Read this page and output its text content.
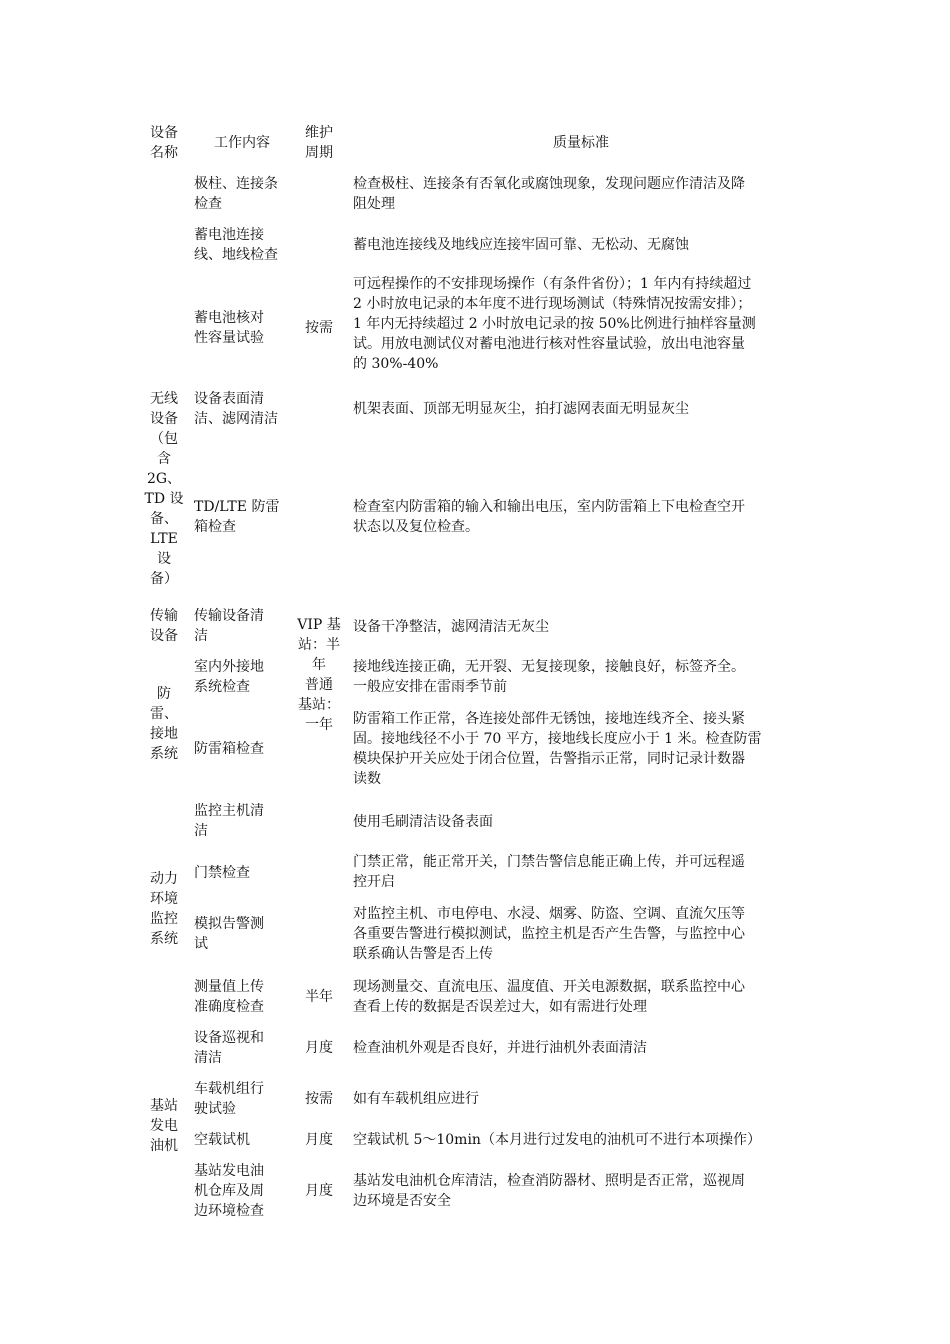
设备
名称
工作内容
维护
周期
质量标准
无线
设备
（包
含
2G、
TD 设
备、
LTE
设
备）
传输
设备
防
雷、
接地
系统
动力
环境
监控
系统
基站
发电
油机
按需
VIP 基
站：半
年
普通
基站：
一年
半年
月度
按需
月度
月度
极柱、连接条
检查
检查极柱、连接条有否氧化或腐蚀现象，发现问题应作清洁及降
阻处理
蓄电池连接
线、地线检查
蓄电池连接线及地线应连接牢固可靠、无松动、无腐蚀
蓄电池核对
性容量试验
可远程操作的不安排现场操作（有条件省份）；1 年内有持续超过
2 小时放电记录的本年度不进行现场测试（特殊情况按需安排）；
1 年内无持续超过 2 小时放电记录的按 50%比例进行抽样容量测
试。用放电测试仪对蓄电池进行核对性容量试验，放出电池容量
的 30%-40%
设备表面清
洁、滤网清洁
机架表面、顶部无明显灰尘，拍打滤网表面无明显灰尘
TD/LTE 防雷
箱检查
检查室内防雷箱的输入和输出电压，室内防雷箱上下电检查空开
状态以及复位检查。
传输设备清
洁
设备干净整洁，滤网清洁无灰尘
室内外接地
系统检查
接地线连接正确，无开裂、无复接现象，接触良好，标签齐全。
一般应安排在雷雨季节前
防雷箱检查
防雷箱工作正常，各连接处部件无锈蚀，接地连线齐全、接头紧
固。接地线径不小于 70 平方，接地线长度应小于 1 米。检查防雷
模块保护开关应处于闭合位置，告警指示正常，同时记录计数器
读数
监控主机清
洁
使用毛刷清洁设备表面
门禁检查
门禁正常，能正常开关，门禁告警信息能正确上传，并可远程遥
控开启
模拟告警测
试
对监控主机、市电停电、水浸、烟雾、防盗、空调、直流欠压等
各重要告警进行模拟测试，监控主机是否产生告警，与监控中心
联系确认告警是否上传
测量值上传
准确度检查
现场测量交、直流电压、温度值、开关电源数据，联系监控中心
查看上传的数据是否误差过大，如有需进行处理
设备巡视和
清洁
检查油机外观是否良好，并进行油机外表面清洁
车载机组行
驶试验
如有车载机组应进行
空载试机	空载试机 5～10min（本月进行过发电的油机可不进行本项操作）
基站发电油
机仓库及周
边环境检查
基站发电油机仓库清洁，检查消防器材、照明是否正常，巡视周
边环境是否安全
